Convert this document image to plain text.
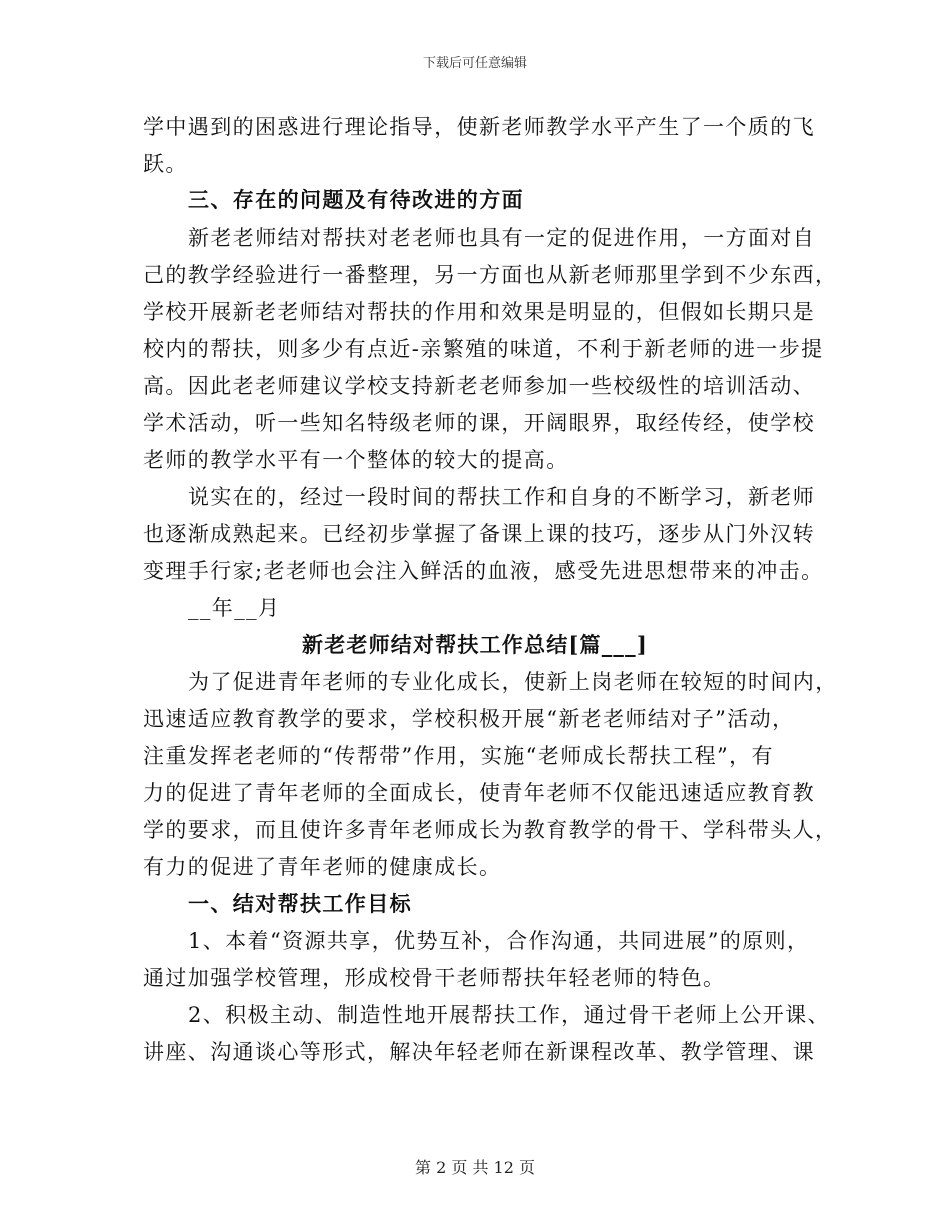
下载后可任意编辑
学中遇到的困惑进行理论指导，使新老师教学水平产生了一个质的飞
跃。
三、存在的问题及有待改进的方面
新老老师结对帮扶对老老师也具有一定的促进作用，一方面对自
己的教学经验进行一番整理，另一方面也从新老师那里学到不少东西，
学校开展新老老师结对帮扶的作用和效果是明显的，但假如长期只是
校内的帮扶，则多少有点近-亲繁殖的味道，不利于新老师的进一步提
高。因此老老师建议学校支持新老老师参加一些校级性的培训活动、
学术活动，听一些知名特级老师的课，开阔眼界，取经传经，使学校
老师的教学水平有一个整体的较大的提高。
说实在的，经过一段时间的帮扶工作和自身的不断学习，新老师
也逐渐成熟起来。已经初步掌握了备课上课的技巧，逐步从门外汉转
变理手行家;老老师也会注入鲜活的血液，感受先进思想带来的冲击。
__年__月
新老老师结对帮扶工作总结[篇___]
为了促进青年老师的专业化成长，使新上岗老师在较短的时间内，
迅速适应教育教学的要求，学校积极开展“新老老师结对子”活动，
注重发挥老老师的“传帮带”作用，实施“老师成长帮扶工程”，有
力的促进了青年老师的全面成长，使青年老师不仅能迅速适应教育教
学的要求，而且使许多青年老师成长为教育教学的骨干、学科带头人，
有力的促进了青年老师的健康成长。
一、结对帮扶工作目标
1、本着“资源共享，优势互补，合作沟通，共同进展”的原则，
通过加强学校管理，形成校骨干老师帮扶年轻老师的特色。
2、积极主动、制造性地开展帮扶工作，通过骨干老师上公开课、
讲座、沟通谈心等形式，解决年轻老师在新课程改革、教学管理、课
第 2 页 共 12 页
